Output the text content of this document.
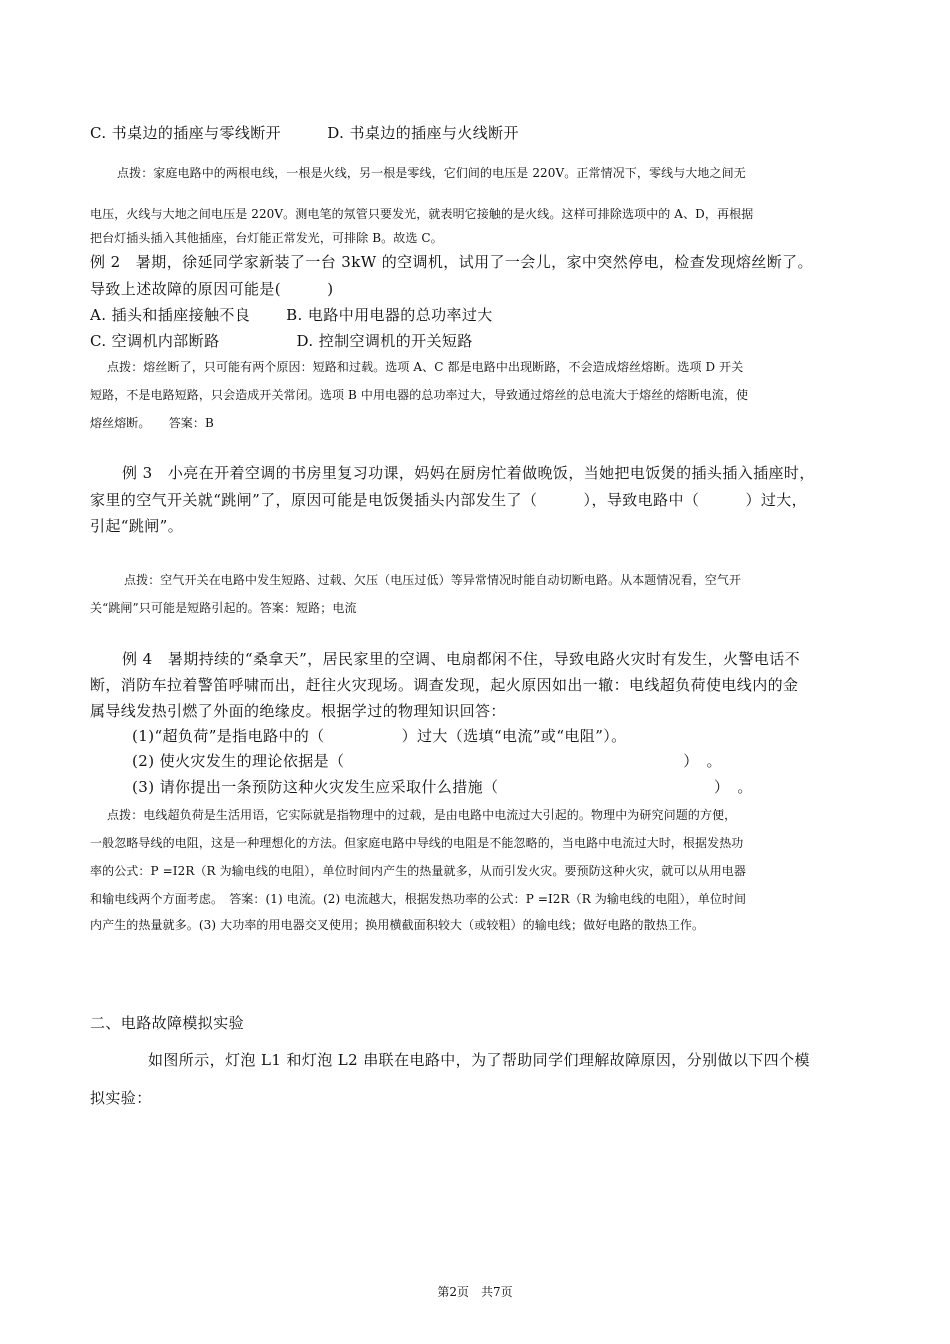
C. 书桌边的插座与零线断开　　　D. 书桌边的插座与火线断开
点拨：家庭电路中的两根电线，一根是火线，另一根是零线，它们间的电压是 220V。正常情况下，零线与大地之间无
电压，火线与大地之间电压是 220V。测电笔的氖管只要发光，就表明它接触的是火线。这样可排除选项中的 A、D，再根据
把台灯插头插入其他插座，台灯能正常发光，可排除 B。故选 C。
例 2　暑期，徐延同学家新装了一台 3kW 的空调机，试用了一会儿，家中突然停电，检查发现熔丝断了。
导致上述故障的原因可能是(　　　)
A. 插头和插座接触不良　　 B. 电路中用电器的总功率过大
C. 空调机内部断路　　　　　D. 控制空调机的开关短路
点拨：熔丝断了，只可能有两个原因：短路和过载。选项 A、C 都是电路中出现断路，不会造成熔丝熔断。选项 D 开关
短路，不是电路短路，只会造成开关常闭。选项 B 中用电器的总功率过大，导致通过熔丝的总电流大于熔丝的熔断电流，使
熔丝熔断。　　答案：B
例 3　小亮在开着空调的书房里复习功课，妈妈在厨房忙着做晚饭，当她把电饭煲的插头插入插座时，
家里的空气开关就“跳闸”了，原因可能是电饭煲插头内部发生了（　　　），导致电路中（　　　）过大，
引起“跳闸”。
点拨：空气开关在电路中发生短路、过载、欠压（电压过低）等异常情况时能自动切断电路。从本题情况看，空气开
关“跳闸”只可能是短路引起的。答案：短路；电流
例 4　暑期持续的“桑拿天”，居民家里的空调、电扇都闲不住，导致电路火灾时有发生，火警电话不
断，消防车拉着警笛呼啸而出，赶往火灾现场。调查发现，起火原因如出一辙：电线超负荷使电线内的金
属导线发热引燃了外面的绝缘皮。根据学过的物理知识回答：
(1)“超负荷”是指电路中的（　　　　　）过大（选填“电流”或“电阻”）。
(2) 使火灾发生的理论依据是（　　　　　　　　　　　　　　　　　　　　　　）　。
(3) 请你提出一条预防这种火灾发生应采取什么措施（　　　　　　　　　　　　　　）　。
点拨：电线超负荷是生活用语，它实际就是指物理中的过载，是由电路中电流过大引起的。物理中为研究问题的方便，
一般忽略导线的电阻，这是一种理想化的方法。但家庭电路中导线的电阻是不能忽略的，当电路中电流过大时，根据发热功
率的公式：P =I2R（R 为输电线的电阻），单位时间内产生的热量就多，从而引发火灾。要预防这种火灾，就可以从用电器
和输电线两个方面考虑。　答案：(1) 电流。(2) 电流越大，根据发热功率的公式：P =I2R（R 为输电线的电阻），单位时间
内产生的热量就多。(3) 大功率的用电器交叉使用；换用横截面积较大（或较粗）的输电线；做好电路的散热工作。
二、电路故障模拟实验
如图所示，灯泡 L1 和灯泡 L2 串联在电路中，为了帮助同学们理解故障原因，分别做以下四个模
拟实验：
第2页　共7页
